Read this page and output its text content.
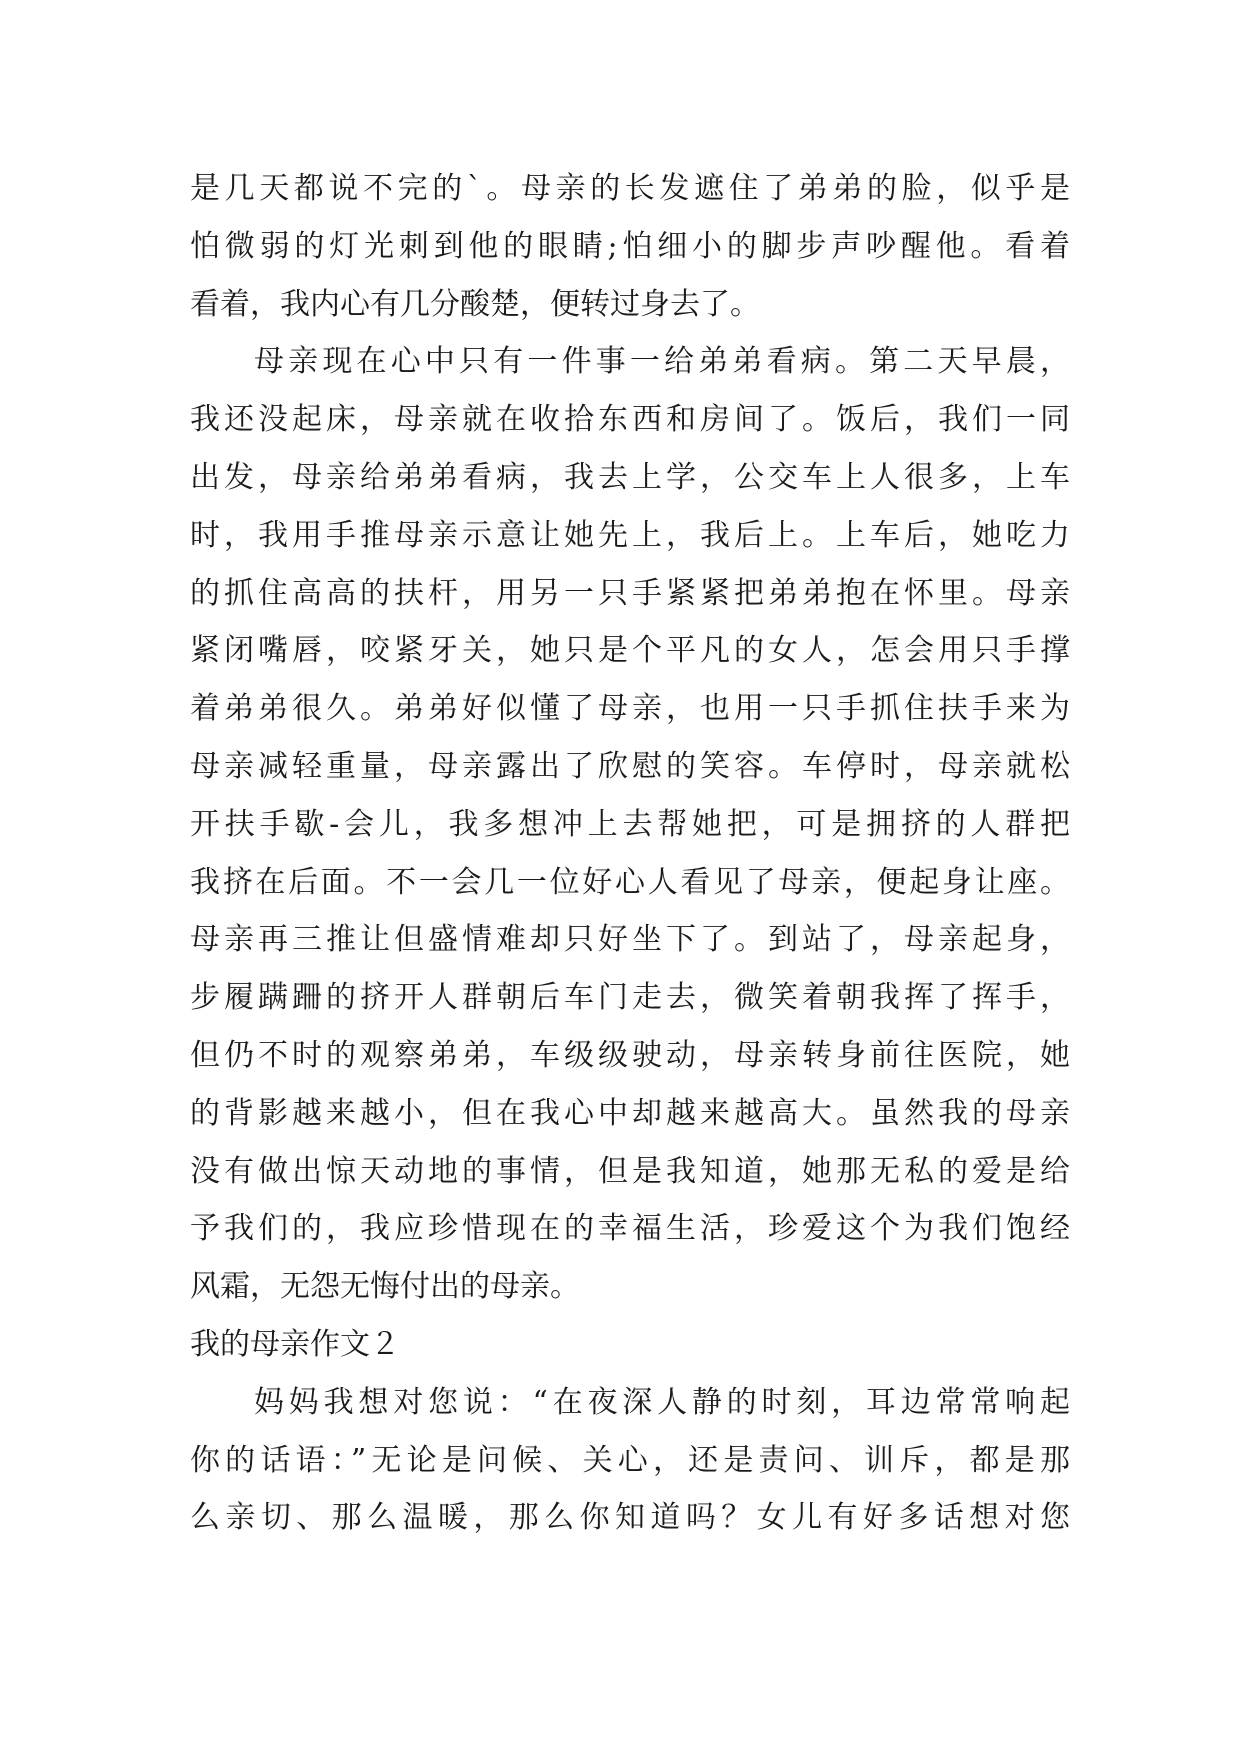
是几天都说不完的`。母亲的长发遮住了弟弟的脸，似乎是
怕微弱的灯光刺到他的眼睛;怕细小的脚步声吵醒他。看着
看着，我内心有几分酸楚，便转过身去了。
母亲现在心中只有一件事一给弟弟看病。第二天早晨，
我还没起床，母亲就在收拾东西和房间了。饭后，我们一同
出发，母亲给弟弟看病，我去上学，公交车上人很多，上车
时，我用手推母亲示意让她先上，我后上。上车后，她吃力
的抓住高高的扶杆，用另一只手紧紧把弟弟抱在怀里。母亲
紧闭嘴唇，咬紧牙关，她只是个平凡的女人，怎会用只手撑
着弟弟很久。弟弟好似懂了母亲，也用一只手抓住扶手来为
母亲减轻重量，母亲露出了欣慰的笑容。车停时，母亲就松
开扶手歇-会儿，我多想冲上去帮她把，可是拥挤的人群把
我挤在后面。不一会几一位好心人看见了母亲，便起身让座。
母亲再三推让但盛情难却只好坐下了。到站了，母亲起身，
步履蹒跚的挤开人群朝后车门走去，微笑着朝我挥了挥手，
但仍不时的观察弟弟，车级级驶动，母亲转身前往医院，她
的背影越来越小，但在我心中却越来越高大。虽然我的母亲
没有做出惊天动地的事情，但是我知道，她那无私的爱是给
予我们的，我应珍惜现在的幸福生活，珍爱这个为我们饱经
风霜，无怨无悔付出的母亲。
我的母亲作文２
妈妈我想对您说：“在夜深人静的时刻，耳边常常响起
你的话语：”无论是问候、关心，还是责问、训斥，都是那
么亲切、那么温暖，那么你知道吗？女儿有好多话想对您
